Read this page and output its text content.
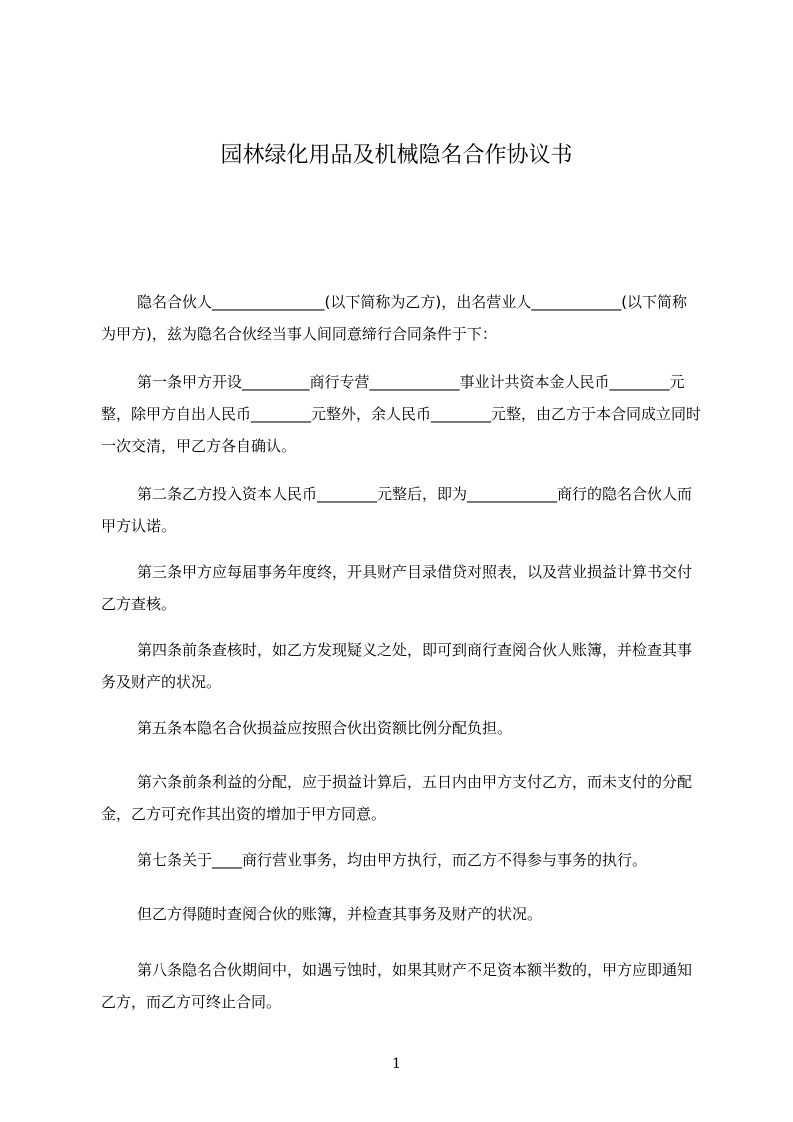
园林绿化用品及机械隐名合作协议书

隐名合伙人_______________(以下简称为乙方)，出名营业人____________(以下简称为甲方)，兹为隐名合伙经当事人间同意缔行合同条件于下：

第一条甲方开设_________商行专营____________事业计共资本金人民币________元整，除甲方自出人民币________元整外，余人民币________元整，由乙方于本合同成立同时一次交清，甲乙方各自确认。

第二条乙方投入资本人民币________元整后，即为____________商行的隐名合伙人而甲方认诺。

第三条甲方应每届事务年度终，开具财产目录借贷对照表，以及营业损益计算书交付乙方查核。

第四条前条查核时，如乙方发现疑义之处，即可到商行查阅合伙人账簿，并检查其事务及财产的状况。

第五条本隐名合伙损益应按照合伙出资额比例分配负担。

第六条前条利益的分配，应于损益计算后，五日内由甲方支付乙方，而未支付的分配金，乙方可充作其出资的增加于甲方同意。

第七条关于____商行营业事务，均由甲方执行，而乙方不得参与事务的执行。

但乙方得随时查阅合伙的账簿，并检查其事务及财产的状况。

第八条隐名合伙期间中，如遇亏蚀时，如果其财产不足资本额半数的，甲方应即通知乙方，而乙方可终止合同。

1
